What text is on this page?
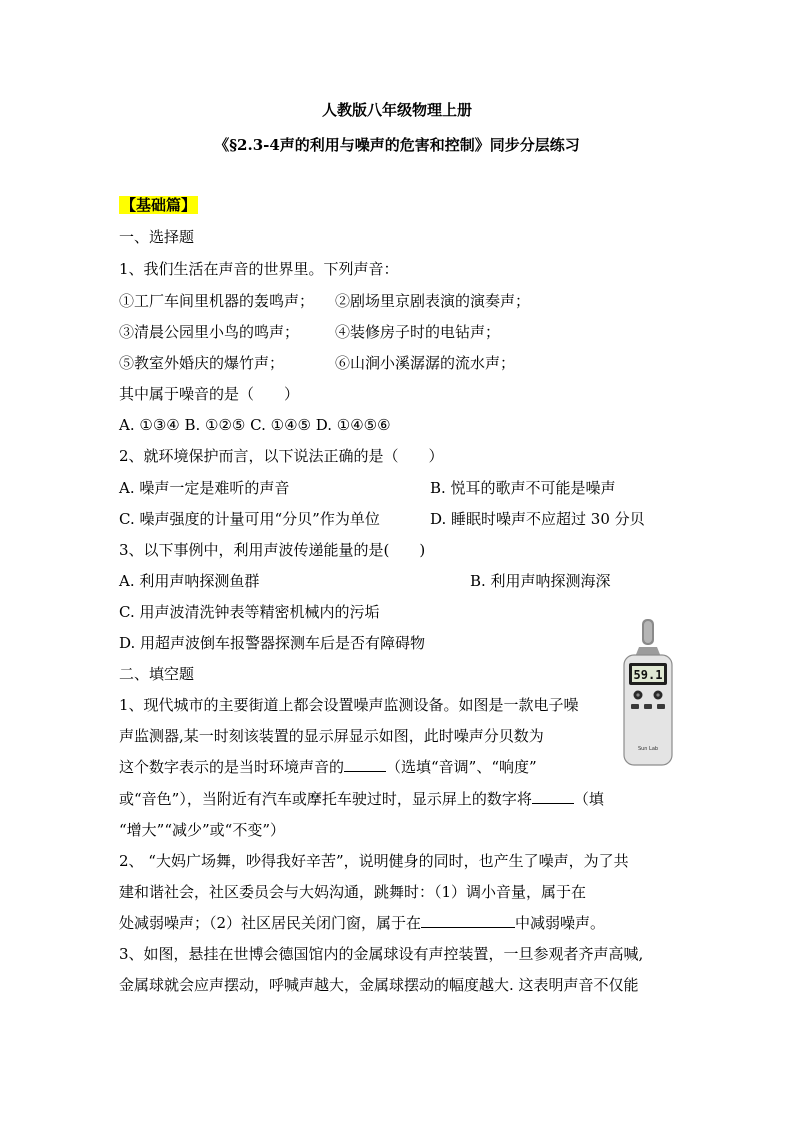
人教版八年级物理上册
《§2.3-4声的利用与噪声的危害和控制》同步分层练习
【基础篇】
一、选择题
1、我们生活在声音的世界里。下列声音：
①工厂车间里机器的轰鸣声； ②剧场里京剧表演的演奏声；
③清晨公园里小鸟的鸣声； ④装修房子时的电钻声；
⑤教室外婚庆的爆竹声；	⑥山涧小溪潺潺的流水声；
其中属于噪音的是（　　）
A. ①③④ B. ①②⑤ C. ①④⑤ D. ①④⑤⑥
2、就环境保护而言，以下说法正确的是（　　）
A. 噪声一定是难听的声音	B. 悦耳的歌声不可能是噪声
C. 噪声强度的计量可用“分贝”作为单位	D. 睡眠时噪声不应超过 30 分贝
3、以下事例中，利用声波传递能量的是(　　)
A. 利用声呐探测鱼群	B. 利用声呐探测海深
C. 用声波清洗钟表等精密机械内的污垢
D. 用超声波倒车报警器探测车后是否有障碍物
二、填空题
1、现代城市的主要街道上都会设置噪声监测设备。如图是一款电子噪
声监测器,某一时刻该装置的显示屏显示如图，此时噪声分贝数为
这个数字表示的是当时环境声音的	（选填“音调”、“响度”
或“音色”），当附近有汽车或摩托车驶过时，显示屏上的数字将	（填
“增大”“减少”或“不变”）
2、 “大妈广场舞，吵得我好辛苦”，说明健身的同时，也产生了噪声，为了共
建和谐社会，社区委员会与大妈沟通，跳舞时：（1）调小音量，属于在
处减弱噪声；（2）社区居民关闭门窗，属于在	中减弱噪声。
3、如图，悬挂在世博会德国馆内的金属球设有声控装置，一旦参观者齐声高喊,
金属球就会应声摆动，呼喊声越大，金属球摆动的幅度越大. 这表明声音不仅能
59.1
Sun Lab
